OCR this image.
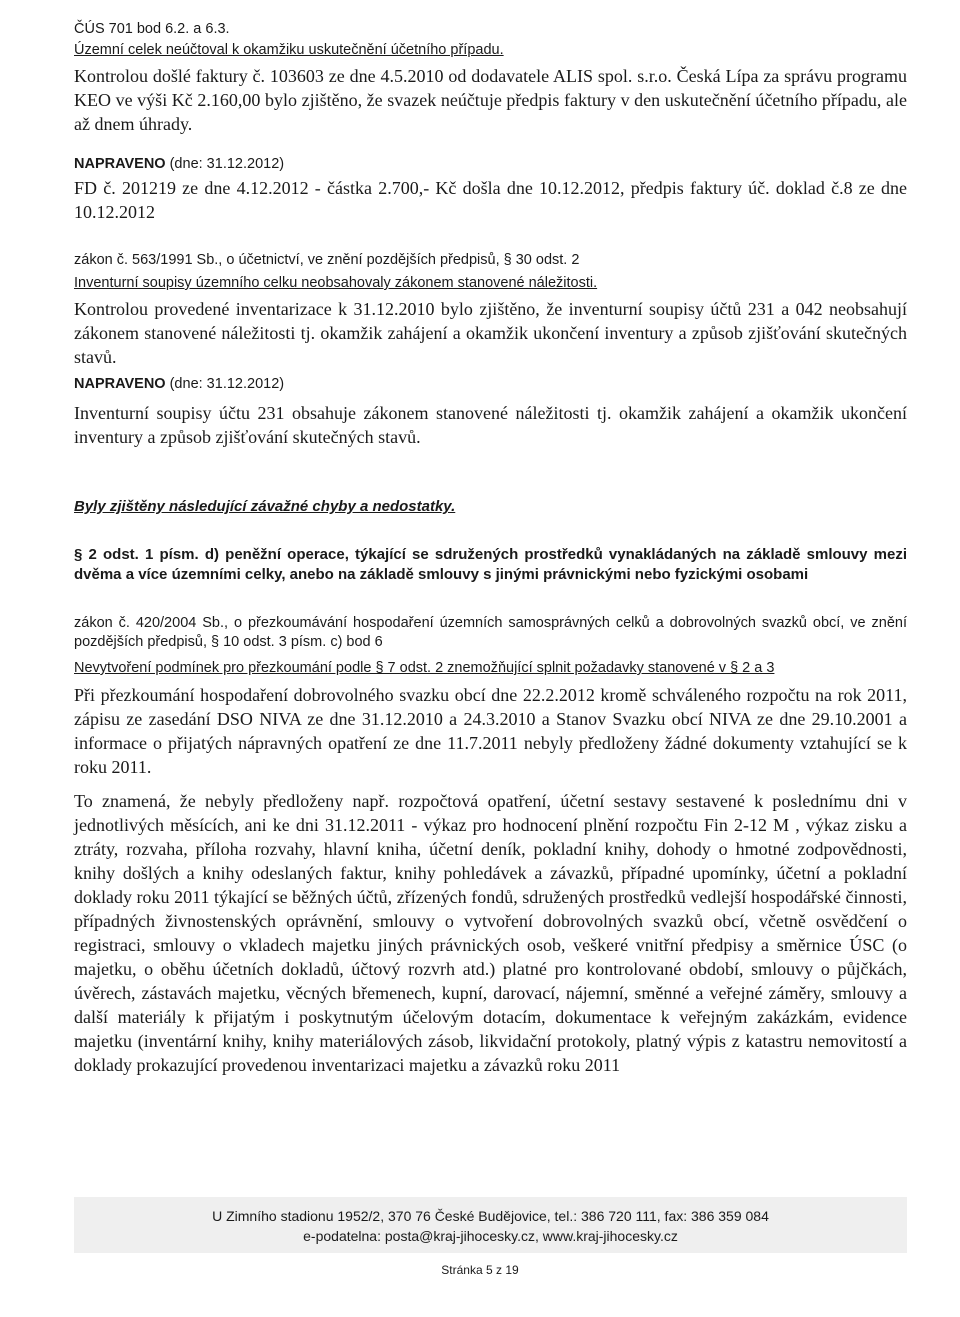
ČÚS 701 bod 6.2. a 6.3.

Územní celek neúčtoval k okamžiku uskutečnění účetního případu.

Kontrolou došlé faktury č. 103603 ze dne 4.5.2010 od dodavatele ALIS spol. s.r.o. Česká Lípa za správu programu KEO ve výši Kč 2.160,00 bylo zjištěno, že svazek neúčtuje předpis faktury v den uskutečnění účetního případu, ale až dnem úhrady.

NAPRAVENO (dne: 31.12.2012)

FD č. 201219 ze dne 4.12.2012 - částka 2.700,- Kč došla dne 10.12.2012, předpis faktury úč. doklad č.8 ze dne 10.12.2012

zákon č. 563/1991 Sb., o účetnictví, ve znění pozdějších předpisů, § 30 odst. 2

Inventurní soupisy územního celku neobsahovaly zákonem stanovené náležitosti.

Kontrolou provedené inventarizace k 31.12.2010 bylo zjištěno, že inventurní soupisy účtů 231 a 042 neobsahují zákonem stanovené náležitosti tj. okamžik zahájení a okamžik ukončení inventury a způsob zjišťování skutečných stavů.

NAPRAVENO (dne: 31.12.2012)

Inventurní soupisy účtu 231 obsahuje zákonem stanovené náležitosti tj. okamžik zahájení a okamžik ukončení inventury a způsob zjišťování skutečných stavů.

Byly zjištěny následující závažné chyby a nedostatky.

§ 2 odst. 1 písm. d) peněžní operace, týkající se sdružených prostředků vynakládaných na základě smlouvy mezi dvěma a více územními celky, anebo na základě smlouvy s jinými právnickými nebo fyzickými osobami

zákon č. 420/2004 Sb., o přezkoumávání hospodaření územních samosprávných celků a dobrovolných svazků obcí, ve znění pozdějších předpisů, § 10 odst. 3 písm. c) bod 6

Nevytvoření podmínek pro přezkoumání podle § 7 odst. 2 znemožňující splnit požadavky stanovené v § 2 a 3

Při přezkoumání hospodaření dobrovolného svazku obcí dne 22.2.2012 kromě schváleného rozpočtu na rok 2011, zápisu ze zasedání DSO NIVA ze dne 31.12.2010 a 24.3.2010 a Stanov Svazku obcí NIVA ze dne 29.10.2001 a informace o přijatých nápravných opatření ze dne 11.7.2011 nebyly předloženy žádné dokumenty vztahující se k roku 2011.

To znamená, že nebyly předloženy např. rozpočtová opatření, účetní sestavy sestavené k poslednímu dni v jednotlivých měsících, ani ke dni 31.12.2011 - výkaz pro hodnocení plnění rozpočtu Fin 2-12 M , výkaz zisku a ztráty, rozvaha, příloha rozvahy, hlavní kniha, účetní deník, pokladní knihy, dohody o hmotné zodpovědnosti, knihy došlých a knihy odeslaných faktur, knihy pohledávek a závazků, případné upomínky, účetní a pokladní doklady roku 2011 týkající se běžných účtů, zřízených fondů, sdružených prostředků vedlejší hospodářské činnosti, případných živnostenských oprávnění, smlouvy o vytvoření dobrovolných svazků obcí, včetně osvědčení o registraci, smlouvy o vkladech majetku jiných právnických osob, veškeré vnitřní předpisy a směrnice ÚSC (o majetku, o oběhu účetních dokladů, účtový rozvrh atd.) platné pro kontrolované období, smlouvy o půjčkách, úvěrech, zástavách majetku, věcných břemenech, kupní, darovací, nájemní, směnné a veřejné záměry, smlouvy a další materiály k přijatým i poskytnutým účelovým dotacím, dokumentace k veřejným zakázkám, evidence majetku (inventární knihy, knihy materiálových zásob, likvidační protokoly, platný výpis z katastru nemovitostí a doklady prokazující provedenou inventarizaci majetku a závazků roku 2011

U Zimního stadionu 1952/2, 370 76 České Budějovice, tel.: 386 720 111, fax: 386 359 084
e-podatelna: posta@kraj-jihocesky.cz, www.kraj-jihocesky.cz
Stránka 5 z 19
